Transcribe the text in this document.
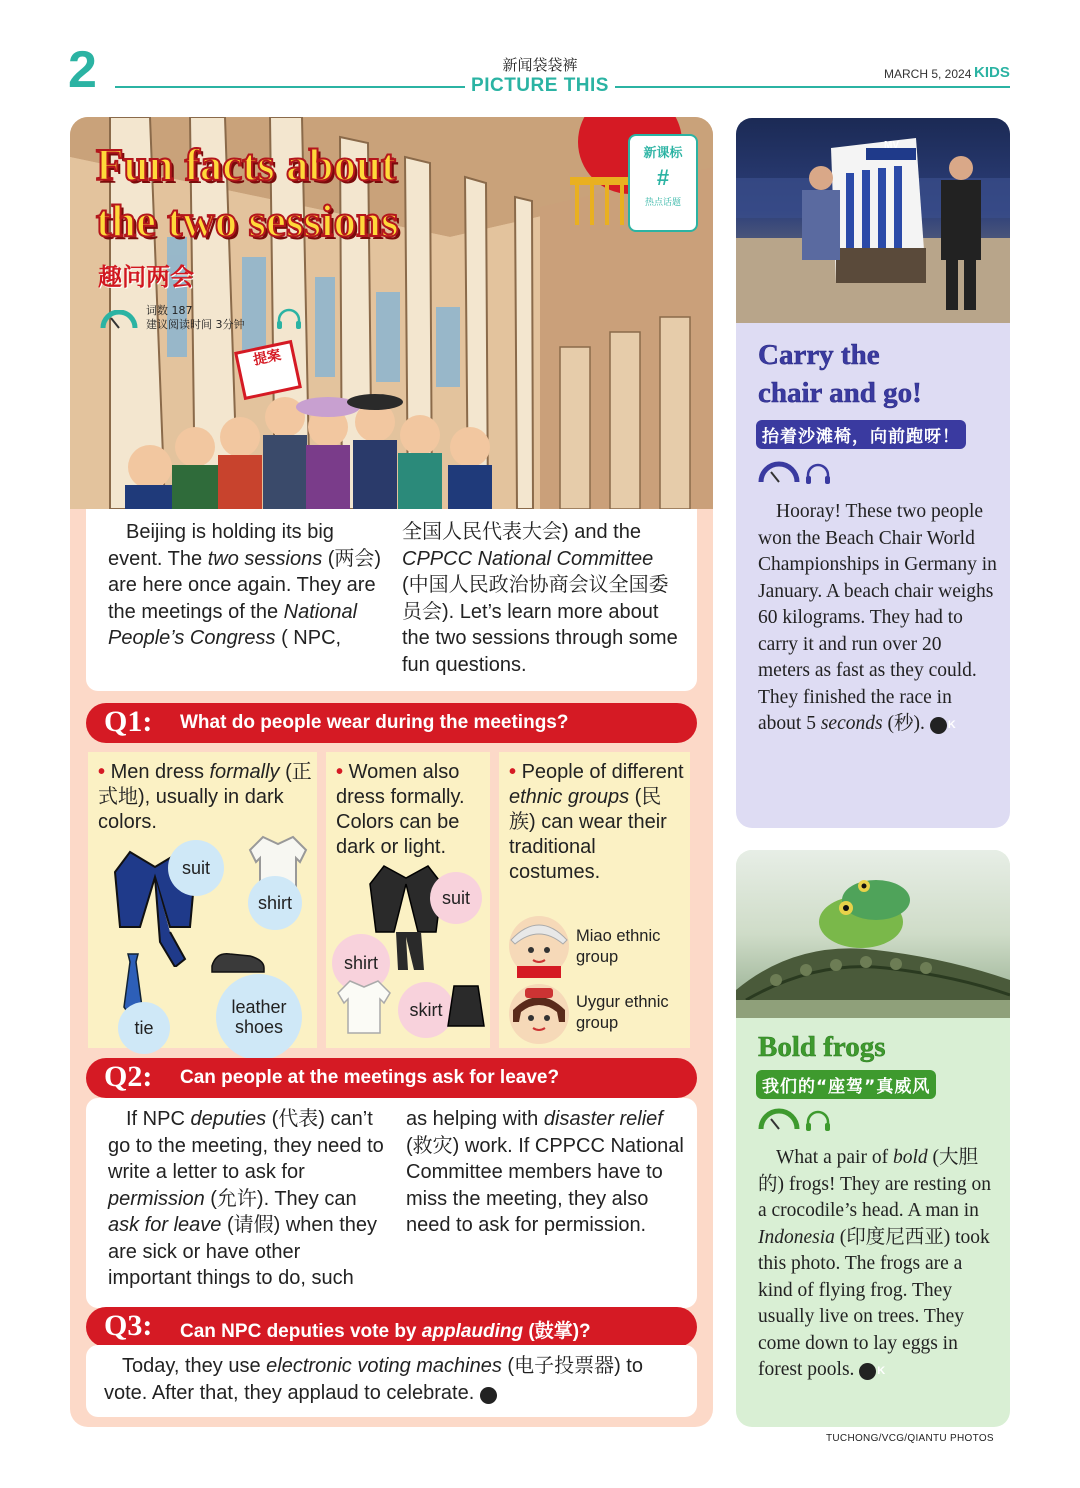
2	新闻袋袋裤
PICTURE THIS
MARCH 5, 2024 KIDS
Fun facts about
the two sessions
提案
趣问两会
词数 187
建议阅读时间 3分钟
新课标
#
热点话题
Beijing is holding its big event. The two sessions (两会) are here once again. They are the meetings of the National People’s Congress ( NPC,
全国人民代表大会) and the CPPCC National Committee (中国人民政治协商会议全国委员会). Let’s learn more about the two sessions through some fun questions.
Q1: What do people wear during the meetings?
• Men dress formally (正式地), usually in dark colors.
suit
shirt
tie
leather shoes
• Women also dress formally. Colors can be dark or light.
suit
shirt
skirt
• People of different ethnic groups (民族) can wear their traditional costumes.
Miao ethnic group
Uygur ethnic group
Q2: Can people at the meetings ask for leave?
If NPC deputies (代表) can’t go to the meeting, they need to write a letter to ask for permission (允许). They can ask for leave (请假) when they are sick or have other important things to do, such
as helping with disaster relief (救灾) work. If CPPCC National Committee members have to miss the meeting, they also need to ask for permission.
Q3: Can NPC deputies vote by applauding (鼓掌)?
Today, they use electronic voting machines (电子投票器) to vote. After that, they applaud to celebrate. K
MV
Carry the
chair and go!
抬着沙滩椅，向前跑呀！
Hooray! These two people won the Beach Chair World Championships in Germany in January. A beach chair weighs 60 kilograms. They had to carry it and run over 20 meters as fast as they could. They finished the race in about 5 seconds (秒). K
Bold frogs
我们的“座驾”真威风
What a pair of bold (大胆的) frogs! They are resting on a crocodile’s head. A man in Indonesia (印度尼西亚) took this photo. The frogs are a kind of flying frog. They usually live on trees. They come down to lay eggs in forest pools. K
TUCHONG/VCG/QIANTU PHOTOS
